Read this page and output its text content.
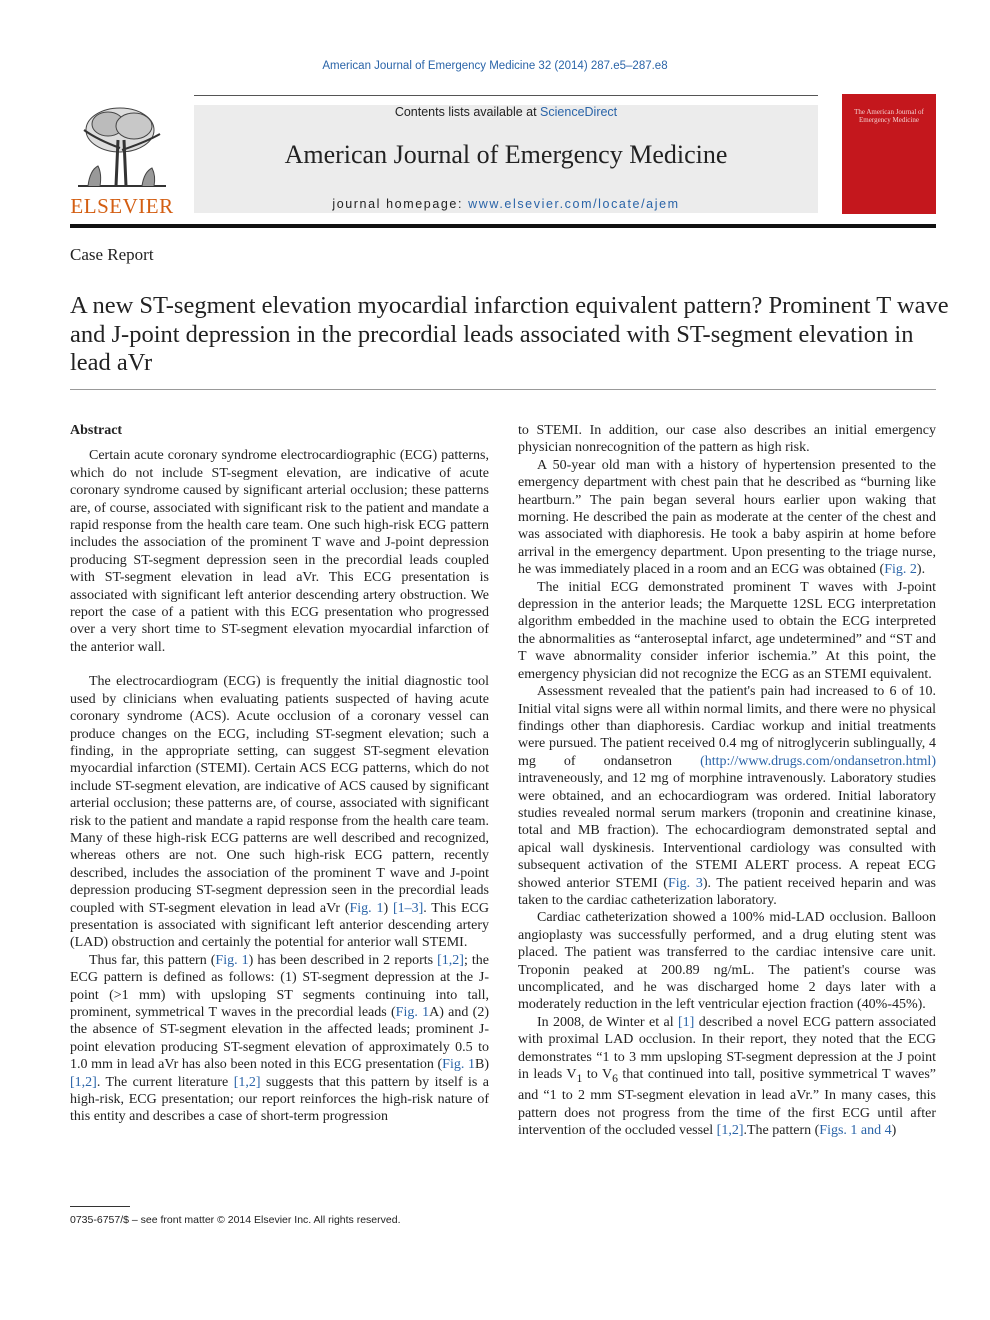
American Journal of Emergency Medicine 32 (2014) 287.e5–287.e8
ELSEVIER
Contents lists available at ScienceDirect
American Journal of Emergency Medicine
journal homepage: www.elsevier.com/locate/ajem
The American Journal of Emergency Medicine
Case Report
A new ST-segment elevation myocardial infarction equivalent pattern? Prominent T wave and J-point depression in the precordial leads associated with ST-segment elevation in lead aVr
Abstract

Certain acute coronary syndrome electrocardiographic (ECG) patterns, which do not include ST-segment elevation, are indicative of acute coronary syndrome caused by significant arterial occlusion; these patterns are, of course, associated with significant risk to the patient and mandate a rapid response from the health care team. One such high-risk ECG pattern includes the association of the prominent T wave and J-point depression producing ST-segment depression seen in the precordial leads coupled with ST-segment elevation in lead aVr. This ECG presentation is associated with significant left anterior descending artery obstruction. We report the case of a patient with this ECG presentation who progressed over a very short time to ST-segment elevation myocardial infarction of the anterior wall.

The electrocardiogram (ECG) is frequently the initial diagnostic tool used by clinicians when evaluating patients suspected of having acute coronary syndrome (ACS). Acute occlusion of a coronary vessel can produce changes on the ECG, including ST-segment elevation; such a finding, in the appropriate setting, can suggest ST-segment elevation myocardial infarction (STEMI). Certain ACS ECG patterns, which do not include ST-segment elevation, are indicative of ACS caused by significant arterial occlusion; these patterns are, of course, associated with significant risk to the patient and mandate a rapid response from the health care team. Many of these high-risk ECG patterns are well described and recognized, whereas others are not. One such high-risk ECG pattern, recently described, includes the association of the prominent T wave and J-point depression producing ST-segment depression seen in the precordial leads coupled with ST-segment elevation in lead aVr (Fig. 1) [1–3]. This ECG presentation is associated with significant left anterior descending artery (LAD) obstruction and certainly the potential for anterior wall STEMI.

Thus far, this pattern (Fig. 1) has been described in 2 reports [1,2]; the ECG pattern is defined as follows: (1) ST-segment depression at the J-point (>1 mm) with upsloping ST segments continuing into tall, prominent, symmetrical T waves in the precordial leads (Fig. 1A) and (2) the absence of ST-segment elevation in the affected leads; prominent J-point elevation producing ST-segment elevation of approximately 0.5 to 1.0 mm in lead aVr has also been noted in this ECG presentation (Fig. 1B) [1,2]. The current literature [1,2] suggests that this pattern by itself is a high-risk, ECG presentation; our report reinforces the high-risk nature of this entity and describes a case of short-term progression

to STEMI. In addition, our case also describes an initial emergency physician nonrecognition of the pattern as high risk.

A 50-year old man with a history of hypertension presented to the emergency department with chest pain that he described as “burning like heartburn.” The pain began several hours earlier upon waking that morning. He described the pain as moderate at the center of the chest and was associated with diaphoresis. He took a baby aspirin at home before arrival in the emergency department. Upon presenting to the triage nurse, he was immediately placed in a room and an ECG was obtained (Fig. 2).

The initial ECG demonstrated prominent T waves with J-point depression in the anterior leads; the Marquette 12SL ECG interpretation algorithm embedded in the machine used to obtain the ECG interpreted the abnormalities as “anteroseptal infarct, age undetermined” and “ST and T wave abnormality consider inferior ischemia.” At this point, the emergency physician did not recognize the ECG as an STEMI equivalent.

Assessment revealed that the patient's pain had increased to 6 of 10. Initial vital signs were all within normal limits, and there were no physical findings other than diaphoresis. Cardiac workup and initial treatments were pursued. The patient received 0.4 mg of nitroglycerin sublingually, 4 mg of ondansetron (http://www.drugs.com/ondansetron.html) intraveneously, and 12 mg of morphine intravenously. Laboratory studies were obtained, and an echocardiogram was ordered. Initial laboratory studies revealed normal serum markers (troponin and creatinine kinase, total and MB fraction). The echocardiogram demonstrated septal and apical wall dyskinesis. Interventional cardiology was consulted with subsequent activation of the STEMI ALERT process. A repeat ECG showed anterior STEMI (Fig. 3). The patient received heparin and was taken to the cardiac catheterization laboratory.

Cardiac catheterization showed a 100% mid-LAD occlusion. Balloon angioplasty was successfully performed, and a drug eluting stent was placed. The patient was transferred to the cardiac intensive care unit. Troponin peaked at 200.89 ng/mL. The patient's course was uncomplicated, and he was discharged home 2 days later with a moderately reduction in the left ventricular ejection fraction (40%-45%).

In 2008, de Winter et al [1] described a novel ECG pattern associated with proximal LAD occlusion. In their report, they noted that the ECG demonstrates “1 to 3 mm upsloping ST-segment depression at the J point in leads $V_1$ to $V_6$ that continued into tall, positive symmetrical T waves” and “1 to 2 mm ST-segment elevation in lead aVr.” In many cases, this pattern does not progress from the time of the first ECG until after intervention of the occluded vessel [1,2].The pattern (Figs. 1 and 4)

0735-6757/$ – see front matter © 2014 Elsevier Inc. All rights reserved.
